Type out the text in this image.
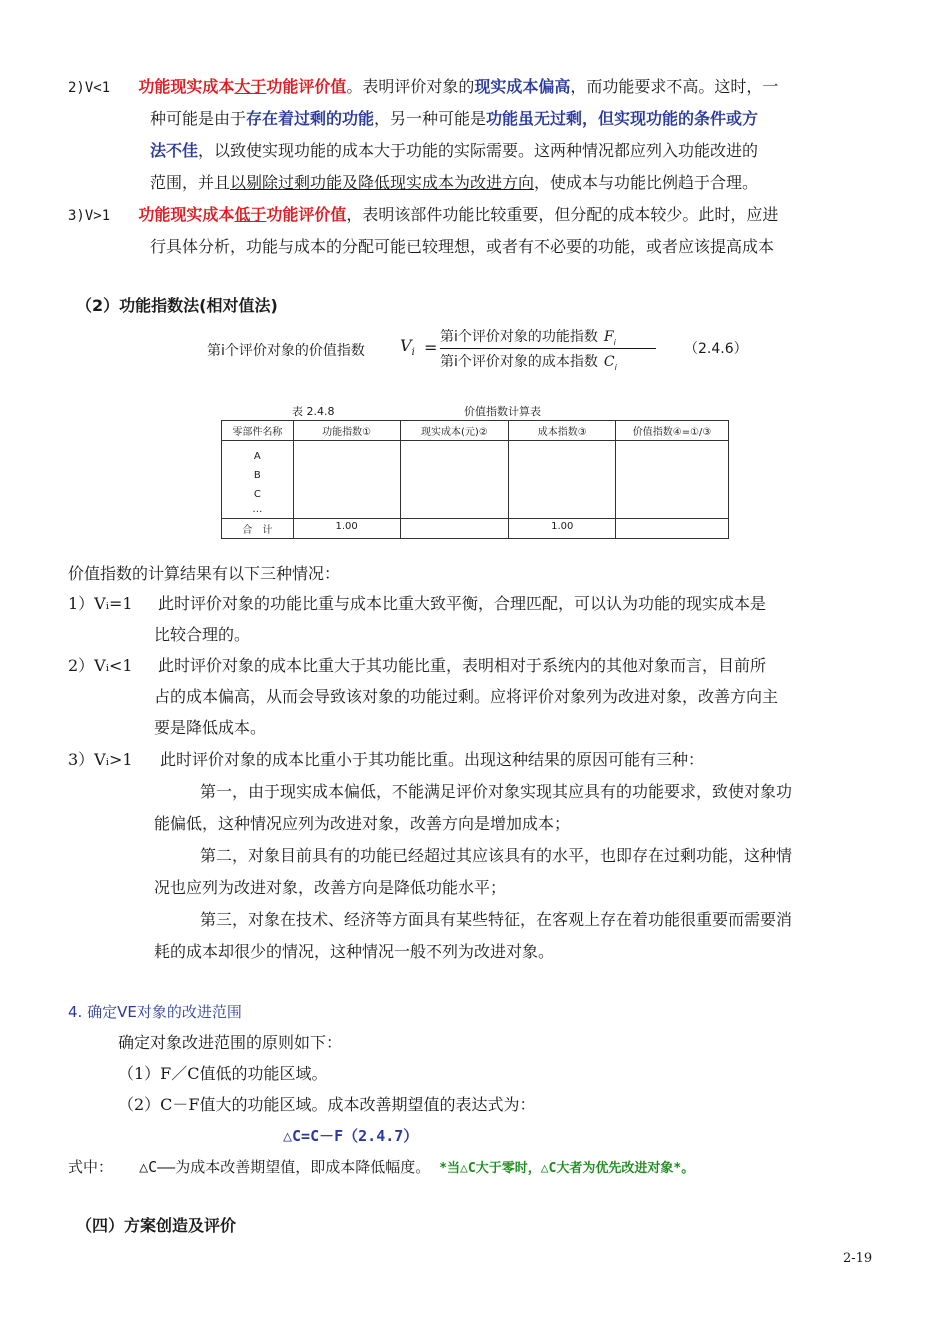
2)V<1 功能现实成本大于功能评价值。表明评价对象的现实成本偏高，而功能要求不高。这时，一
种可能是由于存在着过剩的功能，另一种可能是功能虽无过剩，但实现功能的条件或方
法不佳，以致使实现功能的成本大于功能的实际需要。这两种情况都应列入功能改进的
范围，并且以剔除过剩功能及降低现实成本为改进方向，使成本与功能比例趋于合理。
3)V>1 功能现实成本低于功能评价值，表明该部件功能比较重要，但分配的成本较少。此时，应进
行具体分析，功能与成本的分配可能已较理想，或者有不必要的功能，或者应该提高成本
（2）功能指数法(相对值法)
第i个评价对象的价值指数 $V_i$ =
第i个评价对象的功能指数 $F_i$
第i个评价对象的成本指数 $C_i$
（2.4.6）
表 2.4.8	价值指数计算表
零部件名称	功能指数①	现实成本(元)②	成本指数③	价值指数④=①/③

A
B
C
…				

合　计	1.00		1.00	
价值指数的计算结果有以下三种情况：
1）Vᵢ=1 此时评价对象的功能比重与成本比重大致平衡，合理匹配，可以认为功能的现实成本是
比较合理的。
2）Vᵢ<1 此时评价对象的成本比重大于其功能比重，表明相对于系统内的其他对象而言，目前所
占的成本偏高，从而会导致该对象的功能过剩。应将评价对象列为改进对象，改善方向主
要是降低成本。
3）Vᵢ>1 此时评价对象的成本比重小于其功能比重。出现这种结果的原因可能有三种：
第一，由于现实成本偏低，不能满足评价对象实现其应具有的功能要求，致使对象功
能偏低，这种情况应列为改进对象，改善方向是增加成本；
第二，对象目前具有的功能已经超过其应该具有的水平，也即存在过剩功能，这种情
况也应列为改进对象，改善方向是降低功能水平；
第三，对象在技术、经济等方面具有某些特征，在客观上存在着功能很重要而需要消
耗的成本却很少的情况，这种情况一般不列为改进对象。
4. 确定VE对象的改进范围
确定对象改进范围的原则如下：
（1）F／C值低的功能区域。
（2）C－F值大的功能区域。成本改善期望值的表达式为：
△C=C－F（2.4.7）
式中： △C——为成本改善期望值，即成本降低幅度。 *当△C大于零时，△C大者为优先改进对象*。
（四）方案创造及评价
2-19
